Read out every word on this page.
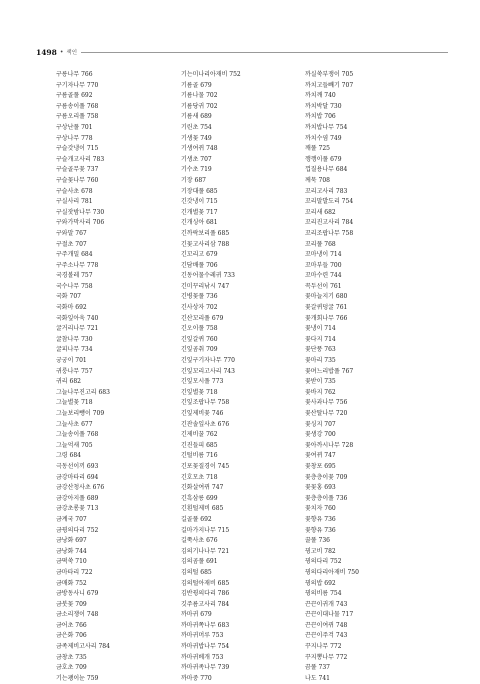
1498 • 색인
구릉나무 766
구기자나무 770
구름골풀 692
구름송이풀 768
구름오리풀 758
구상난풀 701
구상나무 778
구슬갓냉이 715
구슬개고사리 783
구슬골무꽃 737
구슬꽃나무 760
구슬사초 678
구실사리 781
구실잣밤나무 730
구와가막사리 706
구와말 767
구절초 707
구주개밀 684
구주소나무 778
국경볼레 757
국수나무 758
국화 707
국화마 692
국화잎아욱 740
굴거리나무 721
굴참나무 730
굴피나무 734
궁궁이 701
귀룽나무 757
귀리 682
그늘나무진고리 683
그늘별꽃 718
그늘보리뺑이 709
그늘사초 677
그늘송이풀 768
그늘억새 705
그령 684
극동선이끼 693
금강마타리 694
금강산청사초 676
금강아지풀 689
금강초롱꽃 713
금계국 707
금꿩의다리 752
금낭화 697
금낭화 744
금떡쑥 710
금마타리 722
금매화 752
금방동사니 679
금붓꽃 709
금소리쟁이 748
금어초 766
금은화 706
금족제비고사리 784
금창초 735
금호초 709
기는괭이눈 759
기는미나리아재비 752
기름골 679
기름나물 702
기름당귀 702
기름새 689
기린초 754
기생꽃 749
기생여뀌 748
기생초 707
기수초 719
기장 687
기장대풀 685
긴갓냉이 715
긴개별꽃 717
긴개싱아 681
긴까락보리풀 685
긴꽃고사리삼 788
긴꼬리고 679
긴담배풀 706
긴동어물수레귀 733
긴미꾸리낚시 747
긴병꽃풀 736
긴사상자 702
긴산꼬리풀 679
긴오이풀 758
긴잎갈퀴 760
긴잎곰취 709
긴잎구기자나무 770
긴잎꼬리고사리 743
긴잎모시풀 773
긴잎별꽃 718
긴잎조팝나무 758
긴잎제비꽃 746
긴잔솔잎사초 676
긴제비꿀 762
긴진들피 685
긴털비름 716
긴포꽃질경이 745
긴호모초 718
긴화살여뀌 747
긴흑삼릉 699
긴흰털제비 685
길골풀 692
길마가지나무 715
길쭉사초 676
김의기나나무 721
김의곰풀 691
김의털 685
김의털아재비 685
김반꿩의다리 786
깃주름고사리 784
까마귀 679
까마귀쪽나무 683
까마귀머루 753
까마귀밥나무 754
까마귀베개 753
까마귀족나무 739
까마중 770
까실쑥부쟁이 705
까치고들빼기 707
까치깨 740
까치박달 730
까치밥 706
까치밥나무 754
까치수염 749
깨풀 725
깽깽이풀 679
껍질용나무 684
께묵 708
꼬리고사리 783
꼬리말발도리 754
꼬리새 682
꼬리진고사리 784
꼬리조팝나무 758
꼬리풀 768
꼬마냉이 714
꼬마부들 700
꼬마수련 744
꼭두선이 761
꽃마늘지기 680
꽃갈퀴덩굴 761
꽃개회나무 766
꽃냉이 714
꽃다지 714
꽃단풍 763
꽃마리 735
꽃며느리밥풀 767
꽃받이 735
꽃바지 762
꽃사과나무 756
꽃산딸나무 720
꽃싱지 707
꽃생강 700
꽃아까시나무 728
꽃여뀌 747
꽃창포 695
꽃층층이꽃 709
꽃꽃홍 693
꽃층층이풀 736
꽃치자 760
꽃향유 736
꽃향유 736
꿀풀 736
꿩고비 782
꿩의다리 752
꿩의다리아재비 750
꿩의밥 692
꿩의비름 754
끈끈이귀개 743
끈끈이대나물 717
끈끈이여뀌 748
끈끈이주걱 743
꾸지나무 772
꾸지뽕나무 772
끔풀 737
나도 741
